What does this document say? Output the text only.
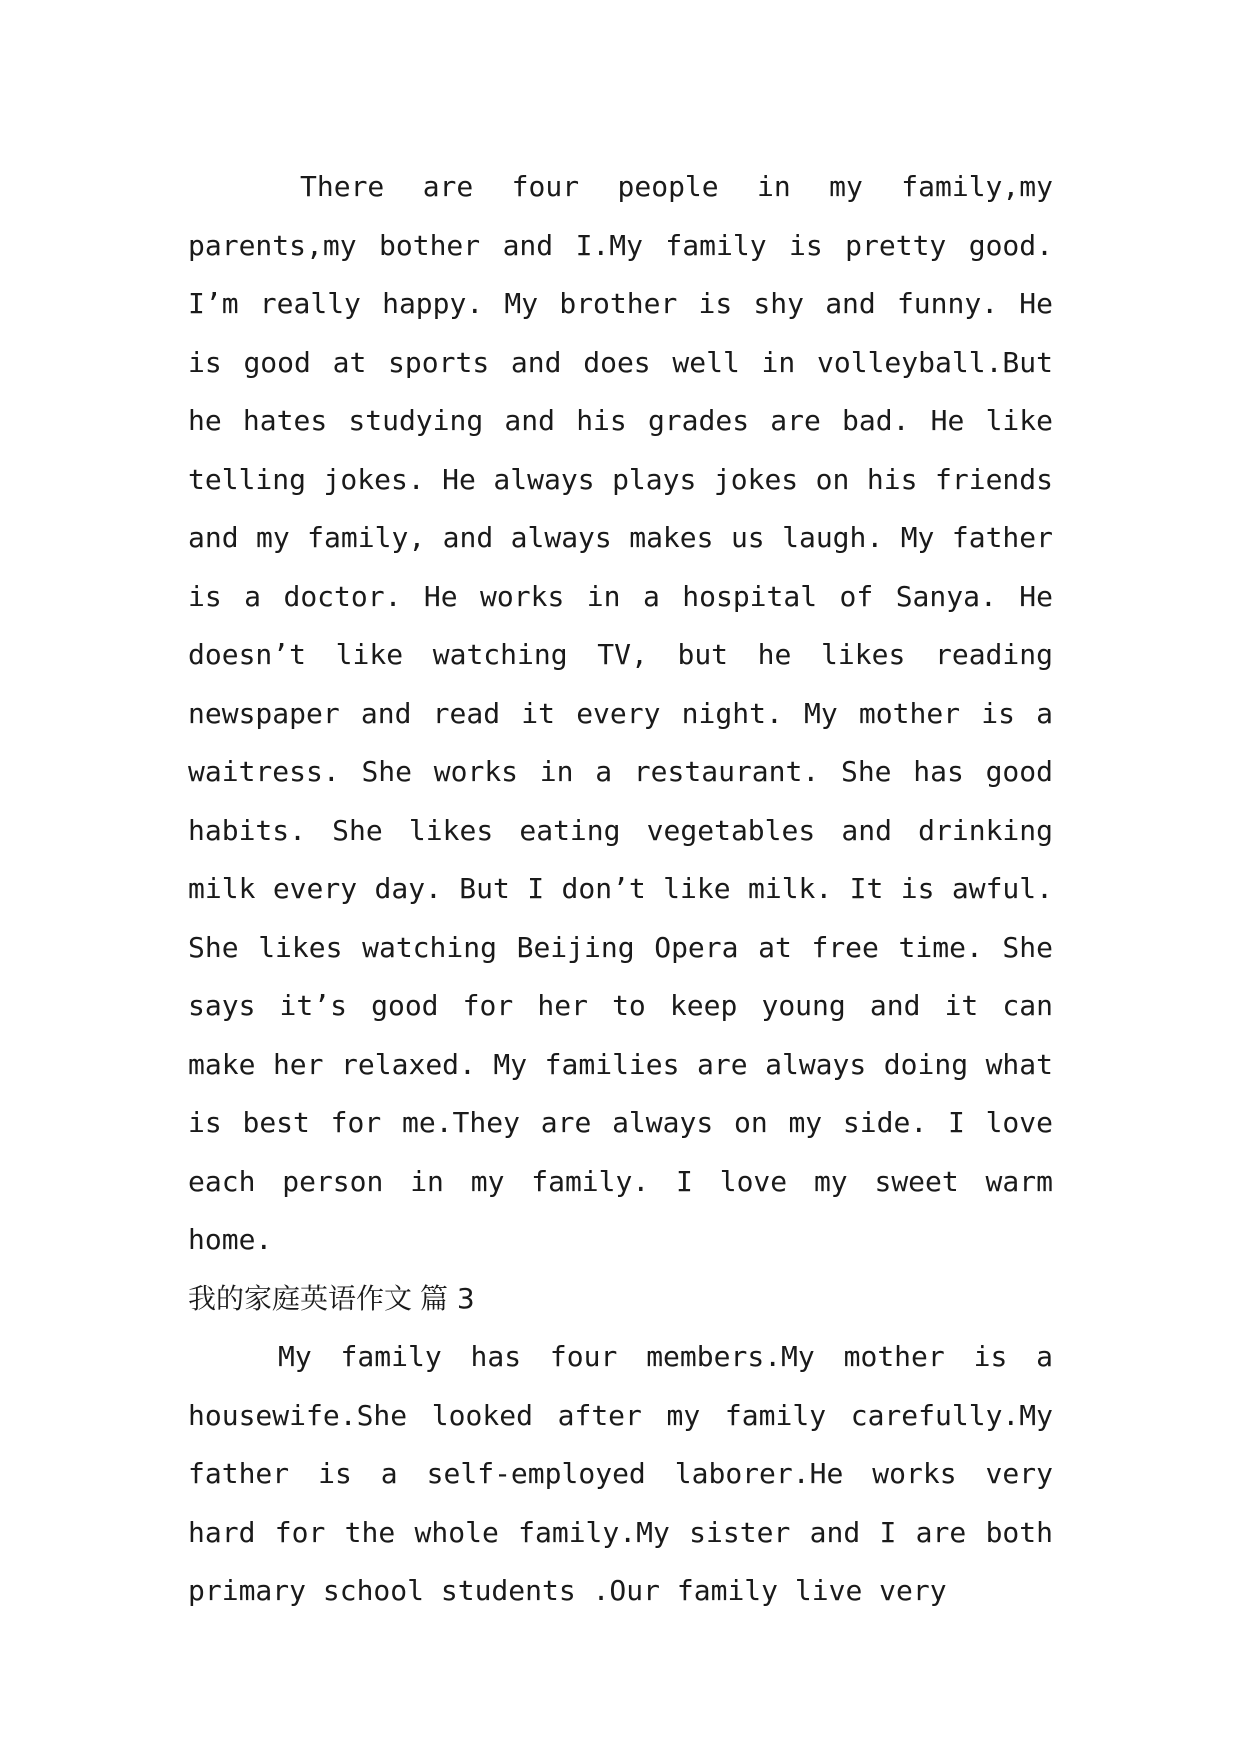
There are four people in my family,my parents,my bother and I.My family is pretty good. I’m really happy. My brother is shy and funny. He is good at sports and does well in volleyball.But he hates studying and his grades are bad. He like telling jokes. He always plays jokes on his friends and my family, and always makes us laugh. My father is a doctor. He works in a hospital of Sanya. He doesn’t like watching TV, but he likes reading newspaper and read it every night. My mother is a waitress. She works in a restaurant. She has good habits. She likes eating vegetables and drinking milk every day. But I don’t like milk. It is awful. She likes watching Beijing Opera at free time. She says it’s good for her to keep young and it can make her relaxed. My families are always doing what is best for me.They are always on my side. I love each person in my family. I love my sweet warm home.

我的家庭英语作文 篇 3

My family has four members.My mother is a housewife.She looked after my family carefully.My father is a self-employed laborer.He works very hard for the whole family.My sister and I are both primary school students .Our family live very
